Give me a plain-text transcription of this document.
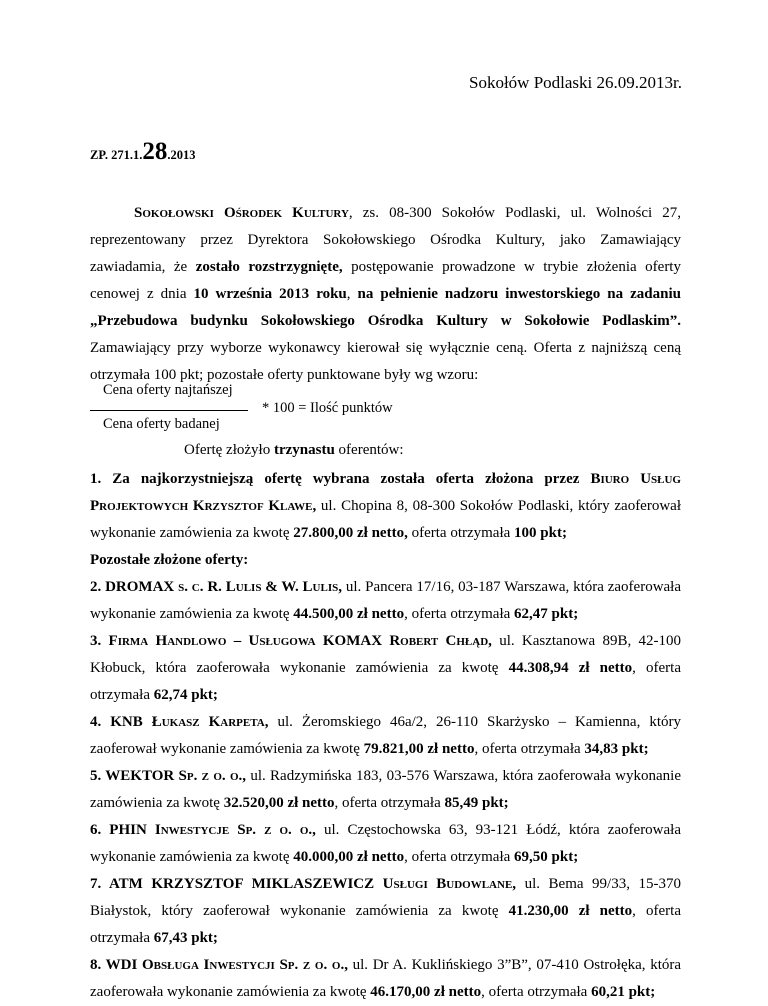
Sokołów Podlaski 26.09.2013r.
ZP. 271.1.28.2013
Sokołowski Ośrodek Kultury, zs. 08-300 Sokołów Podlaski, ul. Wolności 27, reprezentowany przez Dyrektora Sokołowskiego Ośrodka Kultury, jako Zamawiający zawiadamia, że zostało rozstrzygnięte, postępowanie prowadzone w trybie złożenia oferty cenowej z dnia 10 września 2013 roku, na pełnienie nadzoru inwestorskiego na zadaniu „Przebudowa budynku Sokołowskiego Ośrodka Kultury w Sokołowie Podlaskim”. Zamawiający przy wyborze wykonawcy kierował się wyłącznie ceną. Oferta z najniższą ceną otrzymała 100 pkt; pozostałe oferty punktowane były wg wzoru:
Cena oferty najtańszej
Cena oferty badanej
* 100 = Ilość punktów
Ofertę złożyło trzynastu oferentów:

1. Za najkorzystniejszą ofertę wybrana została oferta złożona przez Biuro Usług Projektowych Krzysztof Klawe, ul. Chopina 8, 08-300 Sokołów Podlaski, który zaoferował wykonanie zamówienia za kwotę 27.800,00 zł netto, oferta otrzymała 100 pkt;

Pozostałe złożone oferty:

2. DROMAX s. c. R. Lulis & W. Lulis, ul. Pancera 17/16, 03-187 Warszawa, która zaoferowała wykonanie zamówienia za kwotę 44.500,00 zł netto, oferta otrzymała 62,47 pkt;

3. Firma Handlowo – Usługowa KOMAX Robert Chłąd, ul. Kasztanowa 89B, 42-100 Kłobuck, która zaoferowała wykonanie zamówienia za kwotę 44.308,94 zł netto, oferta otrzymała 62,74 pkt;

4. KNB Łukasz Karpeta, ul. Żeromskiego 46a/2, 26-110 Skarżysko – Kamienna, który zaoferował wykonanie zamówienia za kwotę 79.821,00 zł netto, oferta otrzymała 34,83 pkt;

5. WEKTOR Sp. z o. o., ul. Radzymińska 183, 03-576 Warszawa, która zaoferowała wykonanie zamówienia za kwotę 32.520,00 zł netto, oferta otrzymała 85,49 pkt;

6. PHIN Inwestycje Sp. z o. o., ul. Częstochowska 63, 93-121 Łódź, która zaoferowała wykonanie zamówienia za kwotę 40.000,00 zł netto, oferta otrzymała 69,50 pkt;

7. ATM KRZYSZTOF MIKLASZEWICZ Usługi Budowlane, ul. Bema 99/33, 15-370 Białystok, który zaoferował wykonanie zamówienia za kwotę 41.230,00 zł netto, oferta otrzymała 67,43 pkt;

8. WDI Obsługa Inwestycji Sp. z o. o., ul. Dr A. Kuklińskiego 3”B”, 07-410 Ostrołęka, która zaoferowała wykonanie zamówienia za kwotę 46.170,00 zł netto, oferta otrzymała 60,21 pkt;
